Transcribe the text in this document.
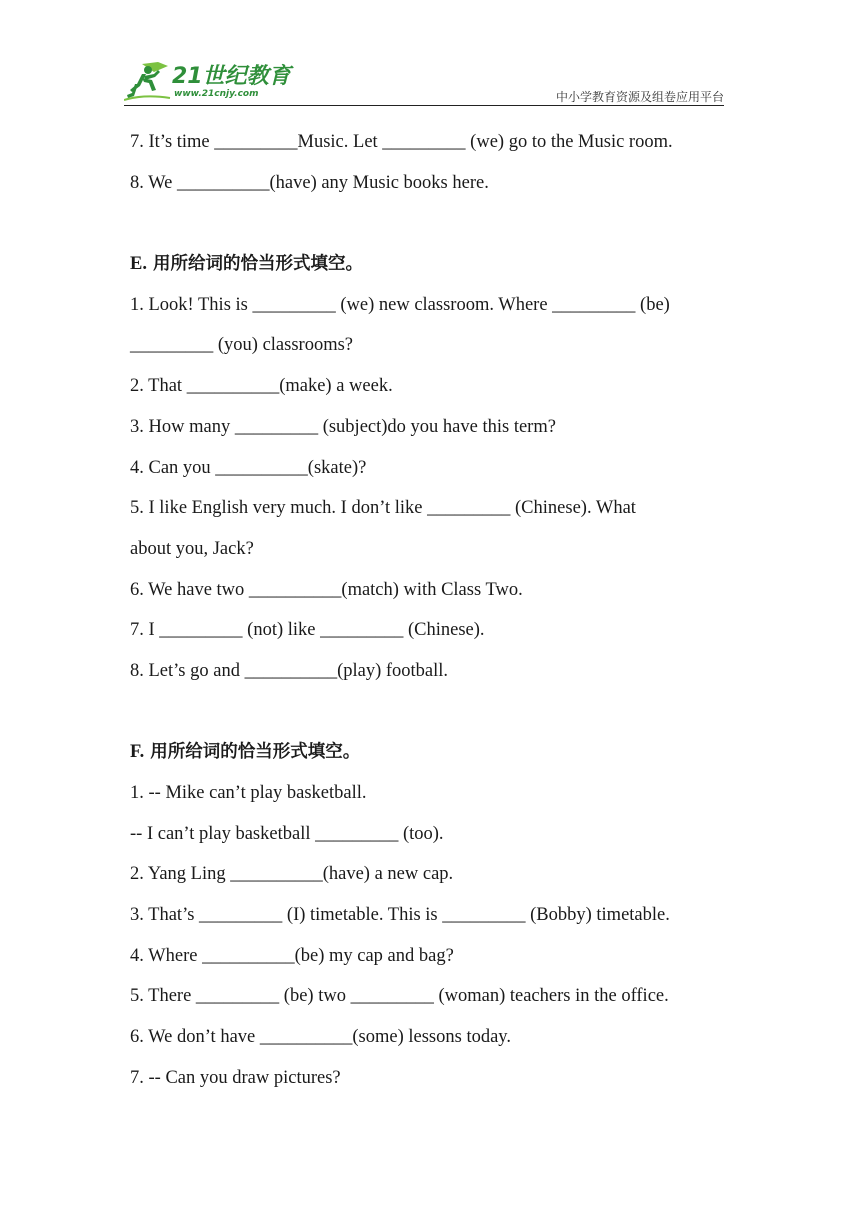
21世纪教育
www.21cnjy.com	中小学教育资源及组卷应用平台
7. It’s time _________Music. Let _________ (we) go to the Music room.
8. We __________(have) any Music books here.
E. 用所给词的恰当形式填空。
1. Look! This is _________ (we) new classroom. Where _________ (be)
_________ (you) classrooms?
2. That __________(make) a week.
3. How many _________ (subject)do you have this term?
4. Can you __________(skate)?
5. I like English very much. I don’t like _________ (Chinese). What
about you, Jack?
6. We have two __________(match) with Class Two.
7. I _________ (not) like _________ (Chinese).
8. Let’s go and __________(play) football.
F. 用所给词的恰当形式填空。
1. -- Mike can’t play basketball.
-- I can’t play basketball _________ (too).
2. Yang Ling __________(have) a new cap.
3. That’s _________ (I) timetable. This is _________ (Bobby) timetable.
4. Where __________(be) my cap and bag?
5. There _________ (be) two _________ (woman) teachers in the office.
6. We don’t have __________(some) lessons today.
7. -- Can you draw pictures?
